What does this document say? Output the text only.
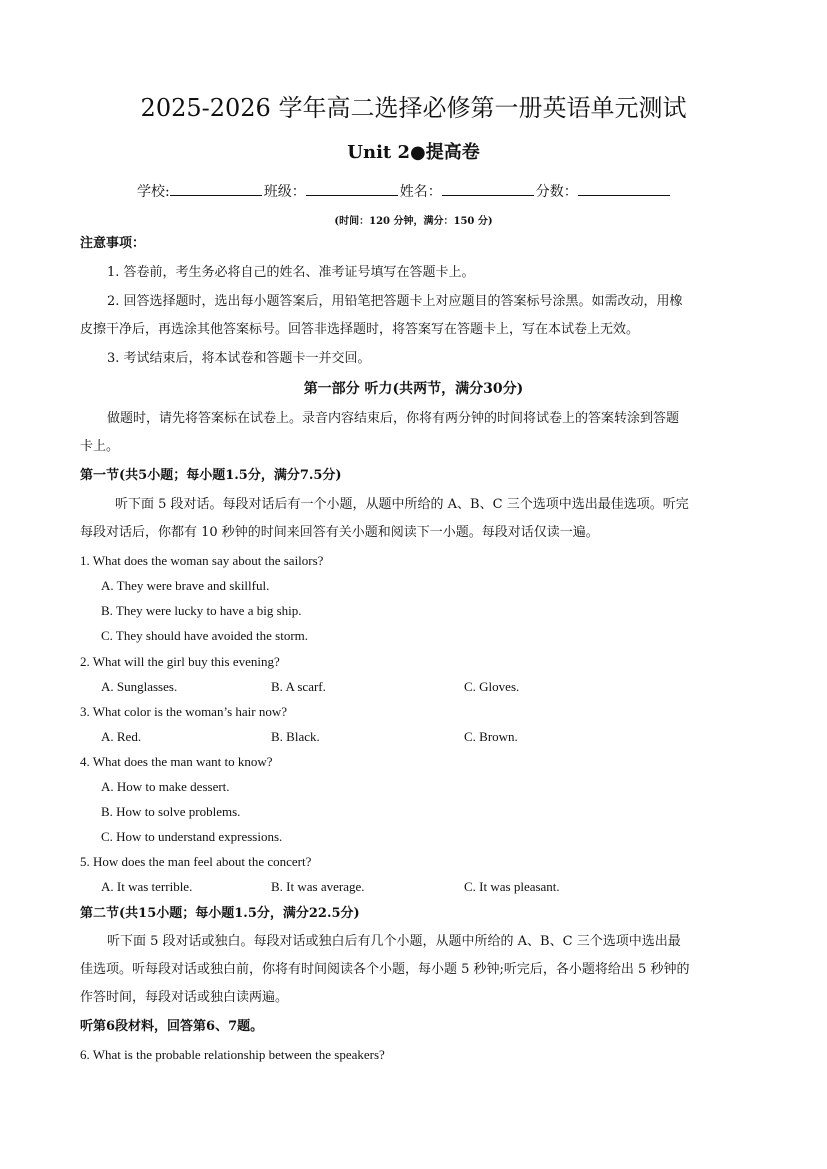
2025-2026 学年高二选择必修第一册英语单元测试
Unit 2●提高卷
学校:	班级：	姓名：	分数：
(时间：120 分钟，满分：150 分)
注意事项：
1. 答卷前，考生务必将自己的姓名、准考证号填写在答题卡上。
2. 回答选择题时，选出每小题答案后，用铅笔把答题卡上对应题目的答案标号涂黑。如需改动，用橡
皮擦干净后，再选涂其他答案标号。回答非选择题时，将答案写在答题卡上，写在本试卷上无效。
3. 考试结束后，将本试卷和答题卡一并交回。
第一部分 听力(共两节，满分30分)
做题时，请先将答案标在试卷上。录音内容结束后，你将有两分钟的时间将试卷上的答案转涂到答题
卡上。
第一节(共5小题；每小题1.5分，满分7.5分)
听下面 5 段对话。每段对话后有一个小题，从题中所给的 A、B、C 三个选项中选出最佳选项。听完
每段对话后，你都有 10 秒钟的时间来回答有关小题和阅读下一小题。每段对话仅读一遍。
1. What does the woman say about the sailors?
A. They were brave and skillful.
B. They were lucky to have a big ship.
C. They should have avoided the storm.
2. What will the girl buy this evening?
A. Sunglasses.	B. A scarf.	C. Gloves.
3. What color is the woman’s hair now?
A. Red.	B. Black.	C. Brown.
4. What does the man want to know?
A. How to make dessert.
B. How to solve problems.
C. How to understand expressions.
5. How does the man feel about the concert?
A. It was terrible.	B. It was average.	C. It was pleasant.
第二节(共15小题；每小题1.5分，满分22.5分)
听下面 5 段对话或独白。每段对话或独白后有几个小题，从题中所给的 A、B、C 三个选项中选出最
佳选项。听每段对话或独白前，你将有时间阅读各个小题，每小题 5 秒钟;听完后，各小题将给出 5 秒钟的
作答时间，每段对话或独白读两遍。
听第6段材料，回答第6、7题。
6. What is the probable relationship between the speakers?
